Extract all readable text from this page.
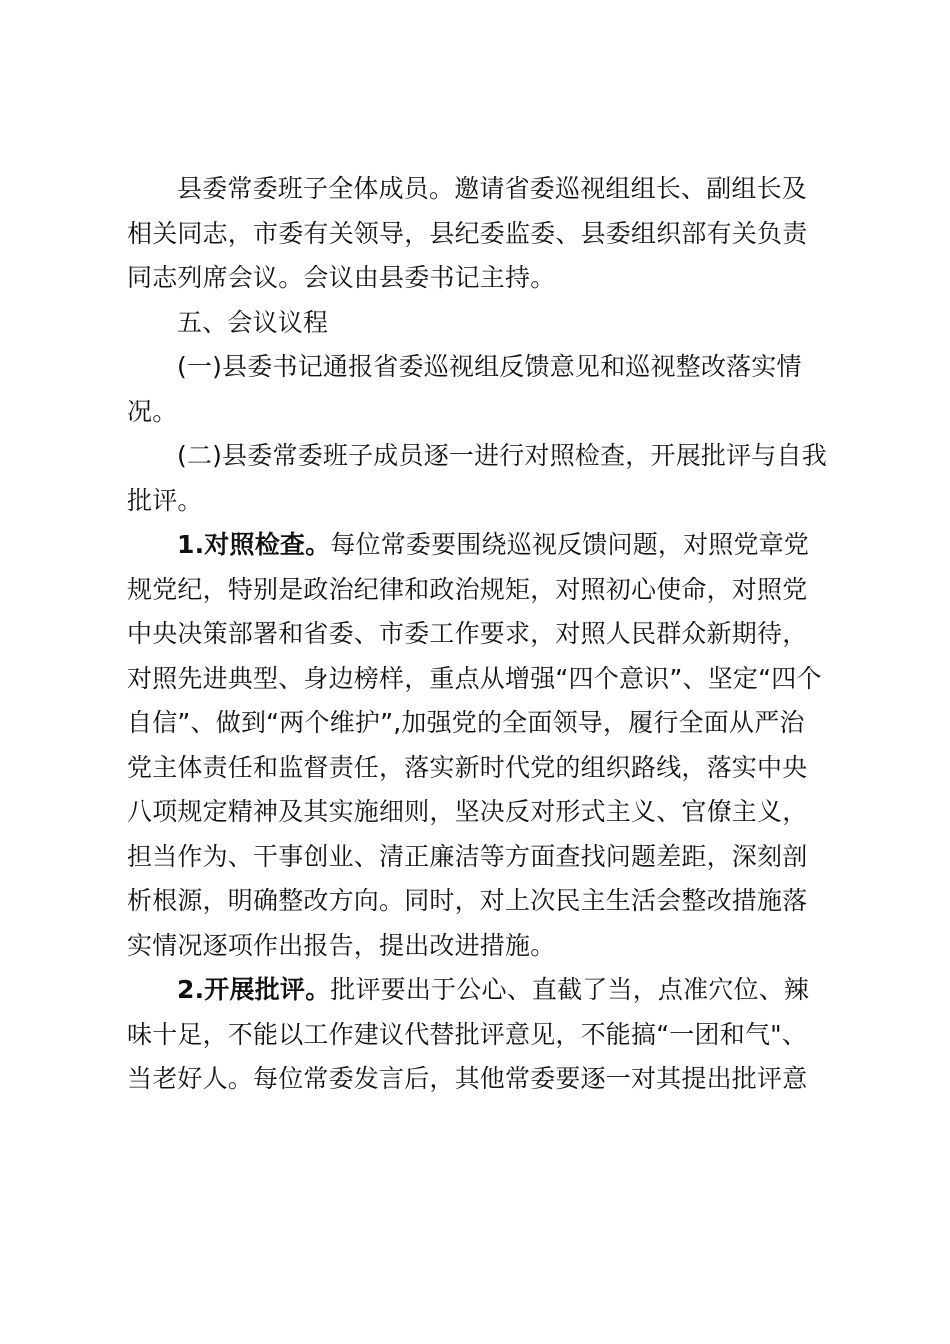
县委常委班子全体成员。邀请省委巡视组组长、副组长及
相关同志，市委有关领导，县纪委监委、县委组织部有关负责
同志列席会议。会议由县委书记主持。
五、会议议程
(一)县委书记通报省委巡视组反馈意见和巡视整改落实情
况。
(二)县委常委班子成员逐一进行对照检查，开展批评与自我
批评。
1.对照检查。每位常委要围绕巡视反馈问题，对照党章党
规党纪，特别是政治纪律和政治规矩，对照初心使命，对照党
中央决策部署和省委、市委工作要求，对照人民群众新期待，
对照先进典型、身边榜样，重点从增强“四个意识”、坚定“四个
自信”、做到“两个维护”,加强党的全面领导，履行全面从严治
党主体责任和监督责任，落实新时代党的组织路线，落实中央
八项规定精神及其实施细则，坚决反对形式主义、官僚主义，
担当作为、干事创业、清正廉洁等方面查找问题差距，深刻剖
析根源，明确整改方向。同时，对上次民主生活会整改措施落
实情况逐项作出报告，提出改进措施。
2.开展批评。批评要出于公心、直截了当，点准穴位、辣
味十足，不能以工作建议代替批评意见，不能搞“一团和气"、
当老好人。每位常委发言后，其他常委要逐一对其提出批评意
